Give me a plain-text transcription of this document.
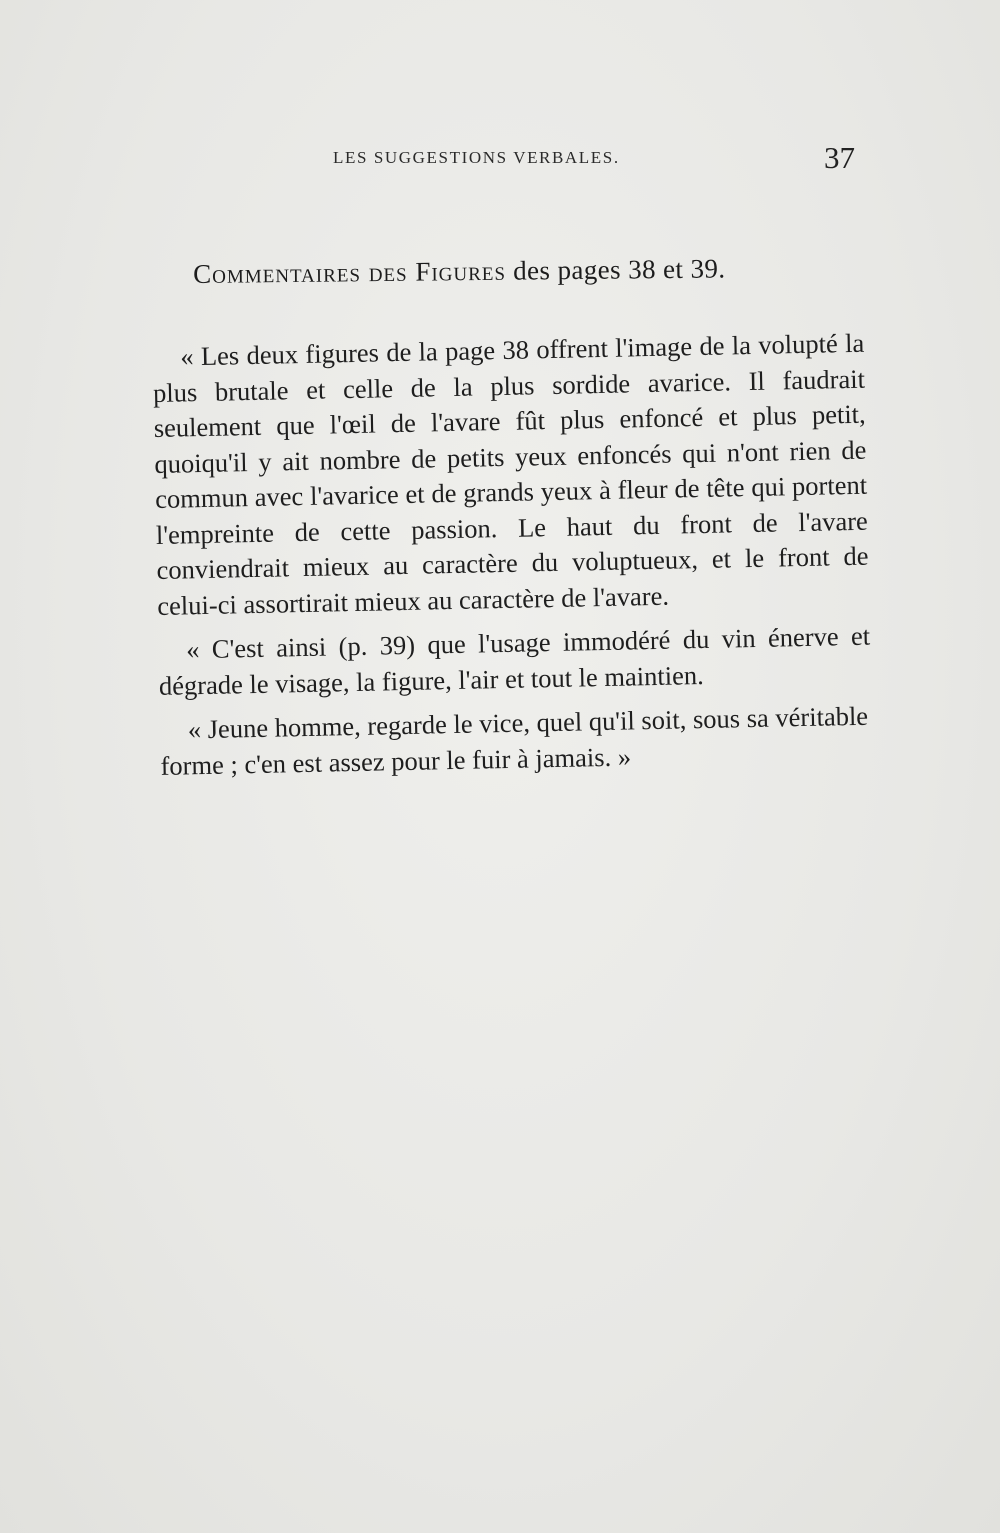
LES SUGGESTIONS VERBALES.	37
Commentaires des Figures des pages 38 et 39.

« Les deux figures de la page 38 offrent l'image de la volupté la plus brutale et celle de la plus sordide avarice. Il faudrait seulement que l'œil de l'avare fût plus enfoncé et plus petit, quoiqu'il y ait nombre de petits yeux enfoncés qui n'ont rien de commun avec l'avarice et de grands yeux à fleur de tête qui portent l'empreinte de cette passion. Le haut du front de l'avare conviendrait mieux au caractère du voluptueux, et le front de celui-ci assortirait mieux au caractère de l'avare.

« C'est ainsi (p. 39) que l'usage immodéré du vin énerve et dégrade le visage, la figure, l'air et tout le maintien.

« Jeune homme, regarde le vice, quel qu'il soit, sous sa véritable forme ; c'en est assez pour le fuir à jamais. »
